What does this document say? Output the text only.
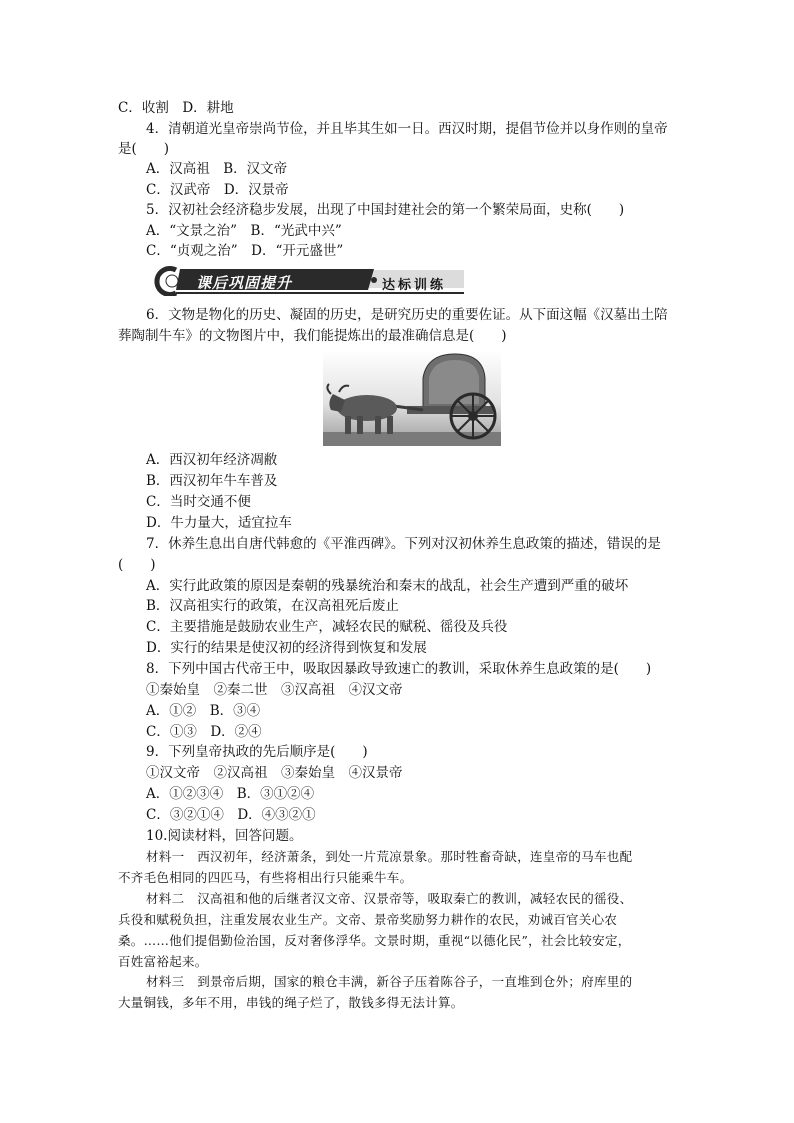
C．收割　D．耕地
4．清朝道光皇帝崇尚节俭，并且毕其生如一日。西汉时期，提倡节俭并以身作则的皇帝
是(　　)
A．汉高祖　B．汉文帝
C．汉武帝　D．汉景帝
5．汉初社会经济稳步发展，出现了中国封建社会的第一个繁荣局面，史称(　　)
A．“文景之治”　B．“光武中兴”
C．“贞观之治”　D．“开元盛世”
课后巩固提升	达标训练
6．文物是物化的历史、凝固的历史，是研究历史的重要佐证。从下面这幅《汉墓出土陪
葬陶制牛车》的文物图片中，我们能提炼出的最准确信息是(　　)
A．西汉初年经济凋敝
B．西汉初年牛车普及
C．当时交通不便
D．牛力量大，适宜拉车
7．休养生息出自唐代韩愈的《平淮西碑》。下列对汉初休养生息政策的描述，错误的是
(　　)
A．实行此政策的原因是秦朝的残暴统治和秦末的战乱，社会生产遭到严重的破坏
B．汉高祖实行的政策，在汉高祖死后废止
C．主要措施是鼓励农业生产，减轻农民的赋税、徭役及兵役
D．实行的结果是使汉初的经济得到恢复和发展
8．下列中国古代帝王中，吸取因暴政导致速亡的教训，采取休养生息政策的是(　　)
①秦始皇　②秦二世　③汉高祖　④汉文帝
A．①②　B．③④
C．①③　D．②④
9．下列皇帝执政的先后顺序是(　　)
①汉文帝　②汉高祖　③秦始皇　④汉景帝
A．①②③④　B．③①②④
C．③②①④　D．④③②①
10.阅读材料，回答问题。
材料一　西汉初年，经济萧条，到处一片荒凉景象。那时牲畜奇缺，连皇帝的马车也配
不齐毛色相同的四匹马，有些将相出行只能乘牛车。
材料二　汉高祖和他的后继者汉文帝、汉景帝等，吸取秦亡的教训，减轻农民的徭役、
兵役和赋税负担，注重发展农业生产。文帝、景帝奖励努力耕作的农民，劝诫百官关心农
桑。……他们提倡勤俭治国，反对奢侈浮华。文景时期，重视“以德化民”，社会比较安定，
百姓富裕起来。
材料三　到景帝后期，国家的粮仓丰满，新谷子压着陈谷子，一直堆到仓外；府库里的
大量铜钱，多年不用，串钱的绳子烂了，散钱多得无法计算。
